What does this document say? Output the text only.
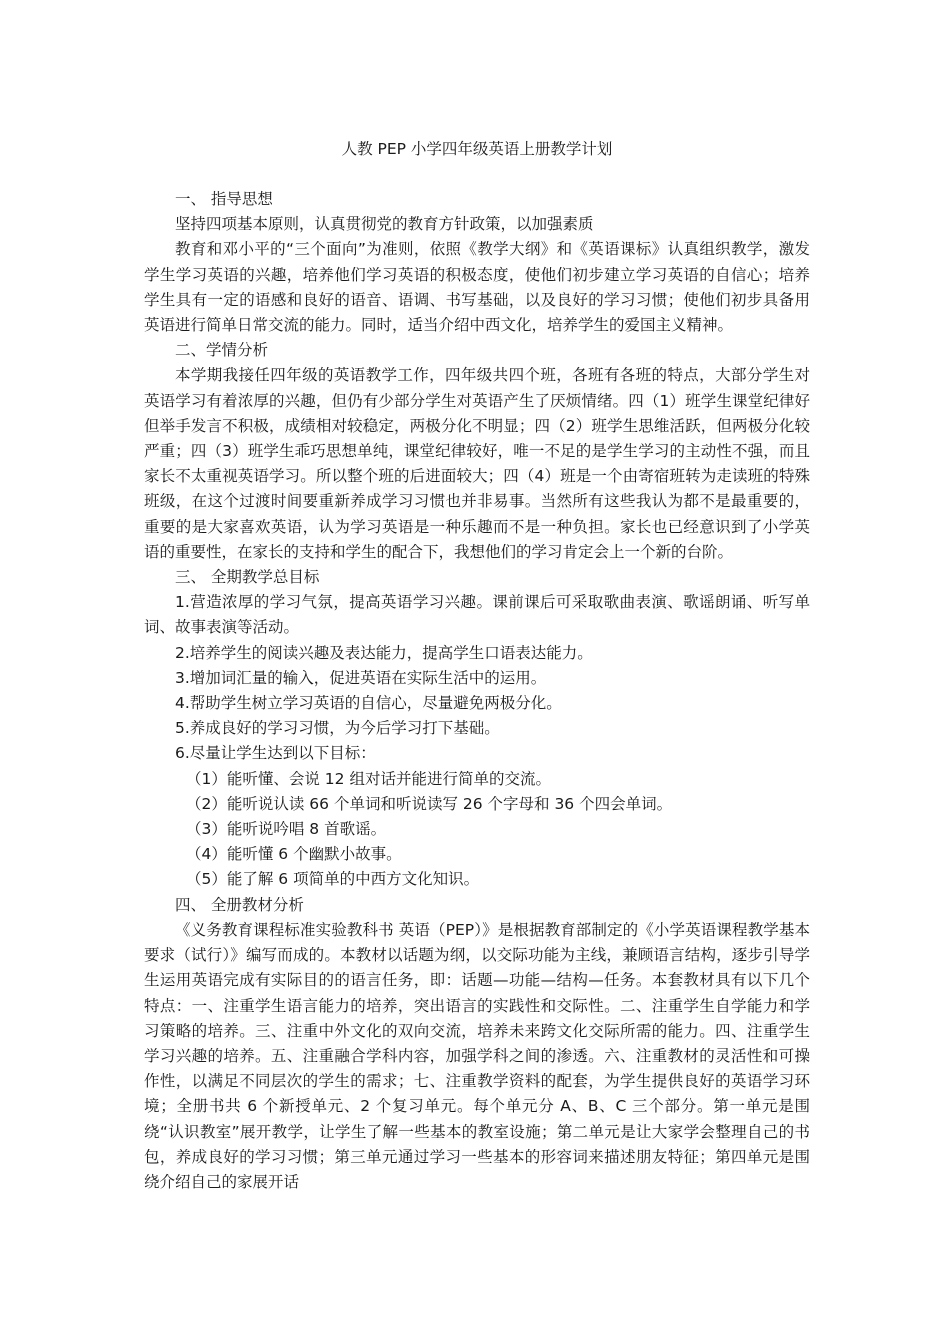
人教 PEP 小学四年级英语上册教学计划

一、 指导思想

坚持四项基本原则，认真贯彻党的教育方针政策，以加强素质

教育和邓小平的“三个面向”为准则，依照《教学大纲》和《英语课标》认真组织教学，激发学生学习英语的兴趣，培养他们学习英语的积极态度，使他们初步建立学习英语的自信心；培养学生具有一定的语感和良好的语音、语调、书写基础，以及良好的学习习惯；使他们初步具备用英语进行简单日常交流的能力。同时，适当介绍中西文化，培养学生的爱国主义精神。

二、学情分析

本学期我接任四年级的英语教学工作，四年级共四个班，各班有各班的特点，大部分学生对英语学习有着浓厚的兴趣，但仍有少部分学生对英语产生了厌烦情绪。四（1）班学生课堂纪律好但举手发言不积极，成绩相对较稳定，两极分化不明显；四（2）班学生思维活跃，但两极分化较严重；四（3）班学生乖巧思想单纯，课堂纪律较好，唯一不足的是学生学习的主动性不强，而且家长不太重视英语学习。所以整个班的后进面较大；四（4）班是一个由寄宿班转为走读班的特殊班级，在这个过渡时间要重新养成学习习惯也并非易事。当然所有这些我认为都不是最重要的，重要的是大家喜欢英语，认为学习英语是一种乐趣而不是一种负担。家长也已经意识到了小学英语的重要性，在家长的支持和学生的配合下，我想他们的学习肯定会上一个新的台阶。

三、 全期教学总目标

1.营造浓厚的学习气氛，提高英语学习兴趣。课前课后可采取歌曲表演、歌谣朗诵、听写单词、故事表演等活动。

2.培养学生的阅读兴趣及表达能力，提高学生口语表达能力。

3.增加词汇量的输入，促进英语在实际生活中的运用。

4.帮助学生树立学习英语的自信心，尽量避免两极分化。

5.养成良好的学习习惯，为今后学习打下基础。

6.尽量让学生达到以下目标：

（1）能听懂、会说 12 组对话并能进行简单的交流。

（2）能听说认读 66 个单词和听说读写 26 个字母和 36 个四会单词。

（3）能听说吟唱 8 首歌谣。

（4）能听懂 6 个幽默小故事。

（5）能了解 6 项简单的中西方文化知识。

四、 全册教材分析

《义务教育课程标准实验教科书 英语（PEP）》是根据教育部制定的《小学英语课程教学基本要求（试行）》编写而成的。本教材以话题为纲，以交际功能为主线，兼顾语言结构，逐步引导学生运用英语完成有实际目的的语言任务，即：话题—功能—结构—任务。本套教材具有以下几个特点：一、注重学生语言能力的培养，突出语言的实践性和交际性。二、注重学生自学能力和学习策略的培养。三、注重中外文化的双向交流，培养未来跨文化交际所需的能力。四、注重学生学习兴趣的培养。五、注重融合学科内容，加强学科之间的渗透。六、注重教材的灵活性和可操作性，以满足不同层次的学生的需求；七、注重教学资料的配套，为学生提供良好的英语学习环境；全册书共 6 个新授单元、2 个复习单元。每个单元分 A、B、C 三个部分。第一单元是围绕“认识教室”展开教学，让学生了解一些基本的教室设施；第二单元是让大家学会整理自己的书包，养成良好的学习习惯；第三单元通过学习一些基本的形容词来描述朋友特征；第四单元是围绕介绍自己的家展开话
